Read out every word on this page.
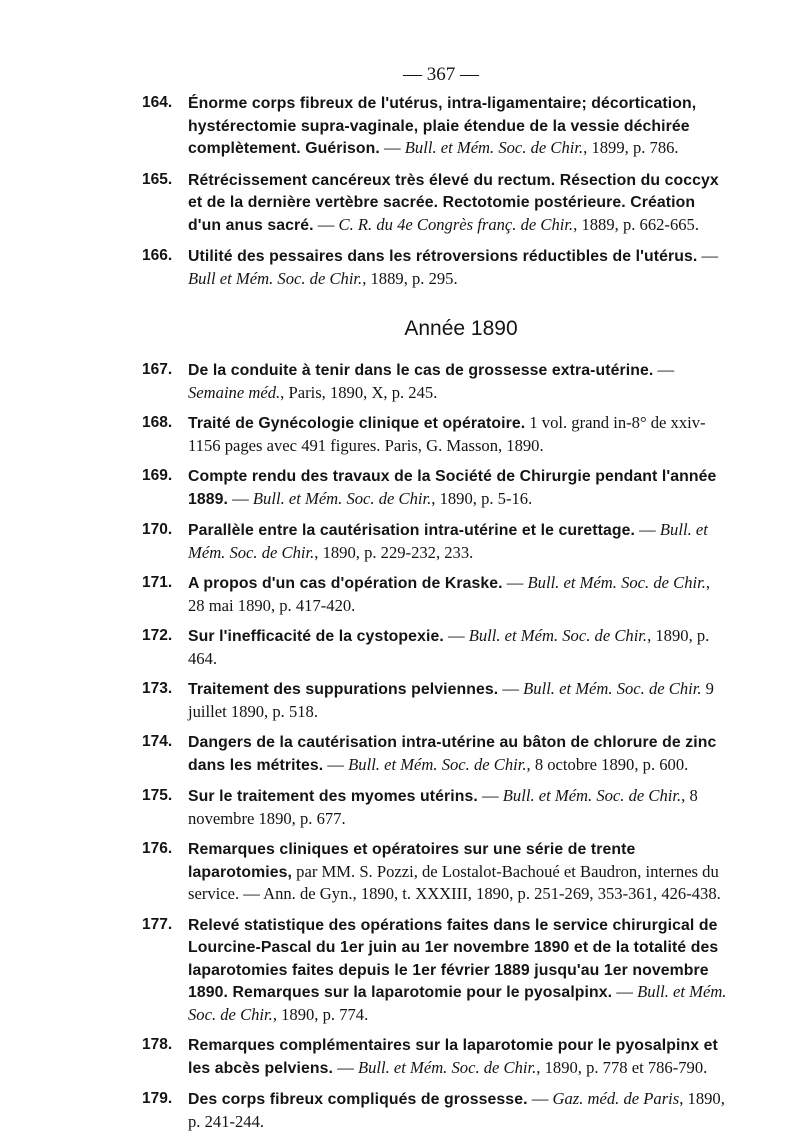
— 367 —
164.	Énorme corps fibreux de l'utérus, intra-ligamentaire; décortication, hystérectomie supra-vaginale, plaie étendue de la vessie déchirée complètement. Guérison. — Bull. et Mém. Soc. de Chir., 1899, p. 786.
165.	Rétrécissement cancéreux très élevé du rectum. Résection du coccyx et de la dernière vertèbre sacrée. Rectotomie postérieure. Création d'un anus sacré. — C. R. du 4e Congrès franç. de Chir., 1889, p. 662-665.
166.	Utilité des pessaires dans les rétroversions réductibles de l'utérus. — Bull et Mém. Soc. de Chir., 1889, p. 295.
Année 1890
167.	De la conduite à tenir dans le cas de grossesse extra-utérine. — Semaine méd., Paris, 1890, X, p. 245.
168.	Traité de Gynécologie clinique et opératoire. 1 vol. grand in-8° de xxiv-1156 pages avec 491 figures. Paris, G. Masson, 1890.
169.	Compte rendu des travaux de la Société de Chirurgie pendant l'année 1889. — Bull. et Mém. Soc. de Chir., 1890, p. 5-16.
170.	Parallèle entre la cautérisation intra-utérine et le curettage. — Bull. et Mém. Soc. de Chir., 1890, p. 229-232, 233.
171.	A propos d'un cas d'opération de Kraske. — Bull. et Mém. Soc. de Chir., 28 mai 1890, p. 417-420.
172.	Sur l'inefficacité de la cystopexie. — Bull. et Mém. Soc. de Chir., 1890, p. 464.
173.	Traitement des suppurations pelviennes. — Bull. et Mém. Soc. de Chir. 9 juillet 1890, p. 518.
174.	Dangers de la cautérisation intra-utérine au bâton de chlorure de zinc dans les métrites. — Bull. et Mém. Soc. de Chir., 8 octobre 1890, p. 600.
175.	Sur le traitement des myomes utérins. — Bull. et Mém. Soc. de Chir., 8 novembre 1890, p. 677.
176.	Remarques cliniques et opératoires sur une série de trente laparotomies, par MM. S. Pozzi, de Lostalot-Bachoué et Baudron, internes du service. — Ann. de Gyn., 1890, t. XXXIII, 1890, p. 251-269, 353-361, 426-438.
177.	Relevé statistique des opérations faites dans le service chirurgical de Lourcine-Pascal du 1er juin au 1er novembre 1890 et de la totalité des laparotomies faites depuis le 1er février 1889 jusqu'au 1er novembre 1890. Remarques sur la laparotomie pour le pyosalpinx. — Bull. et Mém. Soc. de Chir., 1890, p. 774.
178.	Remarques complémentaires sur la laparotomie pour le pyosalpinx et les abcès pelviens. — Bull. et Mém. Soc. de Chir., 1890, p. 778 et 786-790.
179.	Des corps fibreux compliqués de grossesse. — Gaz. méd. de Paris, 1890, p. 241-244.
